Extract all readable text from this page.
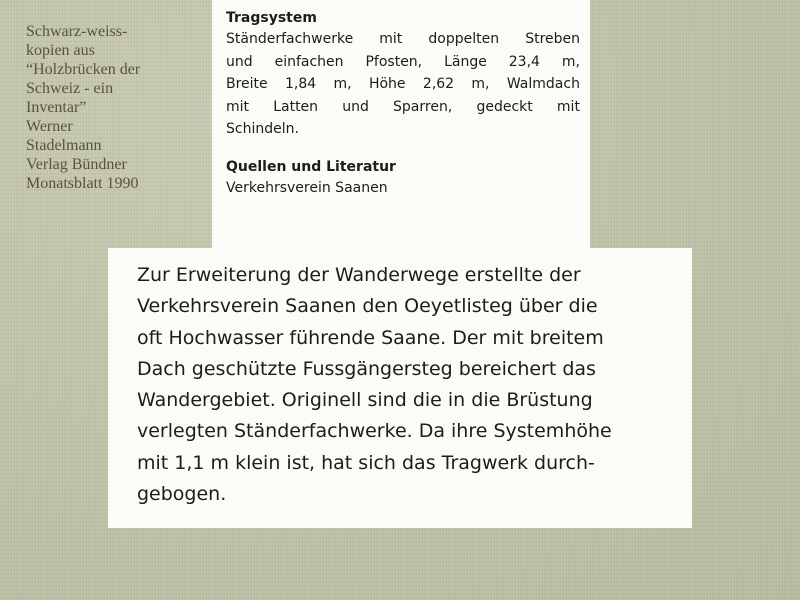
Schwarz-weiss-
kopien aus
“Holzbrücken der
Schweiz - ein
Inventar”
Werner
Stadelmann
Verlag Bündner
Monatsblatt 1990
Tragsystem
Ständerfachwerke mit doppelten Streben
und einfachen Pfosten, Länge 23,4 m,
Breite 1,84 m, Höhe 2,62 m, Walmdach
mit Latten und Sparren, gedeckt mit
Schindeln.
Quellen und Literatur
Verkehrsverein Saanen
Zur Erweiterung der Wanderwege erstellte der
Verkehrsverein Saanen den Oeyetlisteg über die
oft Hochwasser führende Saane. Der mit breitem
Dach geschützte Fussgängersteg bereichert das
Wandergebiet. Originell sind die in die Brüstung
verlegten Ständerfachwerke. Da ihre Systemhöhe
mit 1,1 m klein ist, hat sich das Tragwerk durch-
gebogen.
